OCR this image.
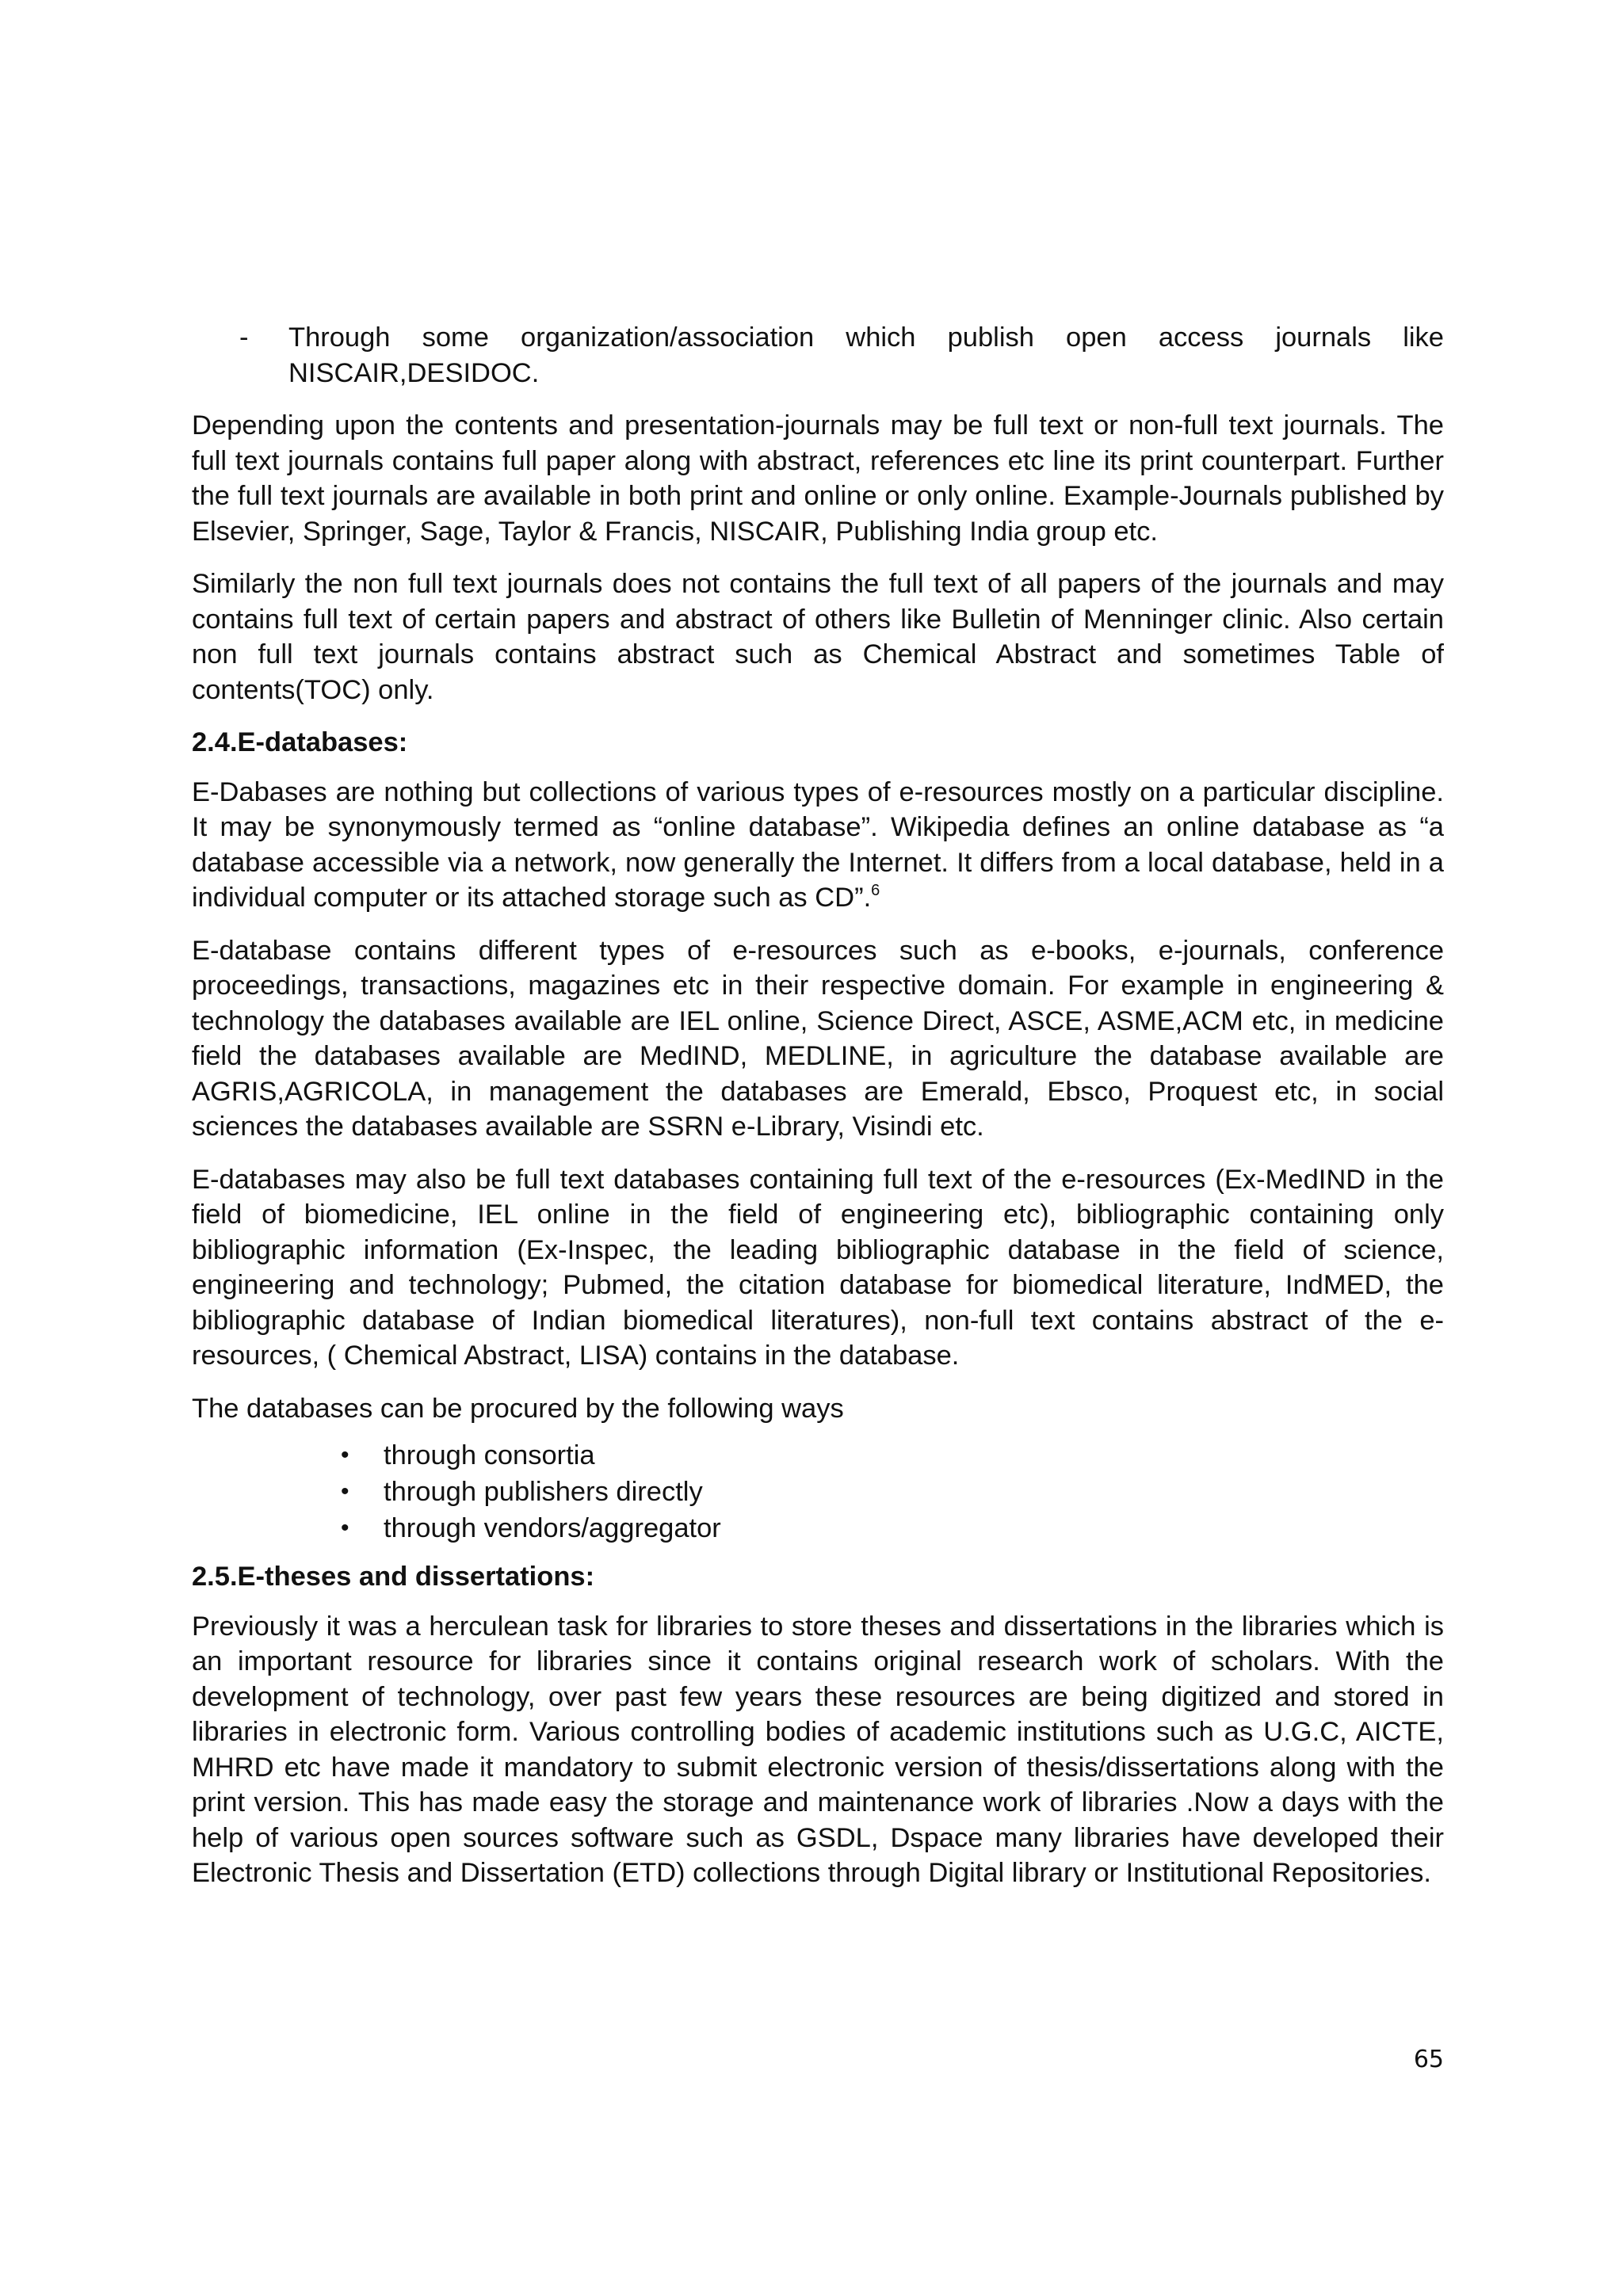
- Through some organization/association which publish open access journals like NISCAIR,DESIDOC.

Depending upon the contents and presentation-journals may be full text or non-full text journals. The full text journals contains full paper along with abstract, references etc line its print counterpart. Further the full text journals are available in both print and online or only online. Example-Journals published by Elsevier, Springer, Sage, Taylor & Francis, NISCAIR, Publishing India group etc.

Similarly the non full text journals does not contains the full text of all papers of the journals and may contains full text of certain papers and abstract of others like Bulletin of Menninger clinic. Also certain non full text journals contains abstract such as Chemical Abstract and sometimes Table of contents(TOC) only.

2.4.E-databases:

E-Dabases are nothing but collections of various types of e-resources mostly on a particular discipline. It may be synonymously termed as “online database”. Wikipedia defines an online database as “a database accessible via a network, now generally the Internet. It differs from a local database, held in a individual computer or its attached storage such as CD”.$^6$

E-database contains different types of e-resources such as e-books, e-journals, conference proceedings, transactions, magazines etc in their respective domain. For example in engineering & technology the databases available are IEL online, Science Direct, ASCE, ASME,ACM etc, in medicine field the databases available are MedIND, MEDLINE, in agriculture the database available are AGRIS,AGRICOLA, in management the databases are Emerald, Ebsco, Proquest etc, in social sciences the databases available are SSRN e-Library, Visindi etc.

E-databases may also be full text databases containing full text of the e-resources (Ex-MedIND in the field of biomedicine, IEL online in the field of engineering etc), bibliographic containing only bibliographic information (Ex-Inspec, the leading bibliographic database in the field of science, engineering and technology; Pubmed, the citation database for biomedical literature, IndMED, the bibliographic database of Indian biomedical literatures), non-full text contains abstract of the e-resources, ( Chemical Abstract, LISA) contains in the database.

The databases can be procured by the following ways

• through consortia
• through publishers directly
• through vendors/aggregator
2.5.E-theses and dissertations:

Previously it was a herculean task for libraries to store theses and dissertations in the libraries which is an important resource for libraries since it contains original research work of scholars. With the development of technology, over past few years these resources are being digitized and stored in libraries in electronic form. Various controlling bodies of academic institutions such as U.G.C, AICTE, MHRD etc have made it mandatory to submit electronic version of thesis/dissertations along with the print version. This has made easy the storage and maintenance work of libraries .Now a days with the help of various open sources software such as GSDL, Dspace many libraries have developed their Electronic Thesis and Dissertation (ETD) collections through Digital library or Institutional Repositories.

65
